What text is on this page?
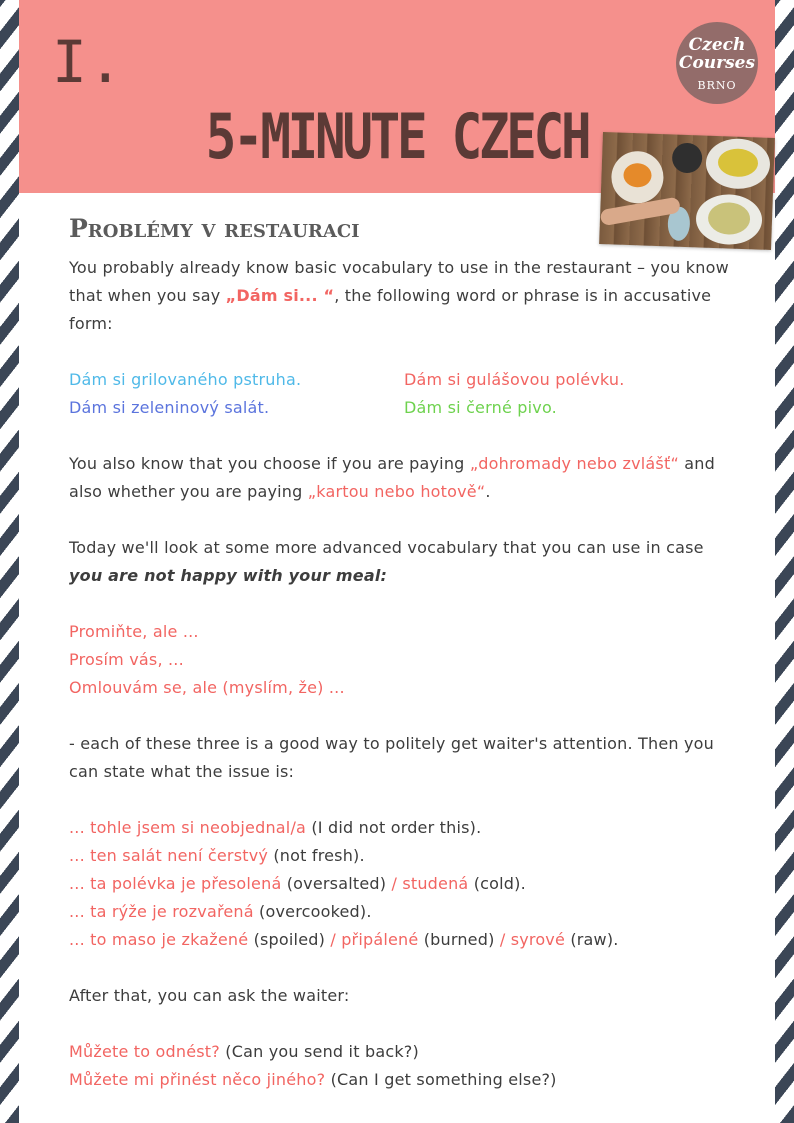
I.
5-MINUTE CZECH
Czech
Courses
BRNO
Problémy v restauraci

You probably already know basic vocabulary to use in the restaurant – you know that when you say „Dám si... “, the following word or phrase is in accusative form:

Dám si grilovaného pstruha.

Dám si zeleninový salát.

Dám si gulášovou polévku.

Dám si černé pivo.

You also know that you choose if you are paying „dohromady nebo zvlášť“ and also whether you are paying „kartou nebo hotově“.

Today we'll look at some more advanced vocabulary that you can use in case you are not happy with your meal:

Promiňte, ale ...

Prosím vás, ...

Omlouvám se, ale (myslím, že) ...

- each of these three is a good way to politely get waiter's attention. Then you can state what the issue is:

... tohle jsem si neobjednal/a (I did not order this).

... ten salát není čerstvý (not fresh).

... ta polévka je přesolená (oversalted) / studená (cold).

... ta rýže je rozvařená (overcooked).

... to maso je zkažené (spoiled) / připálené (burned) / syrové (raw).

After that, you can ask the waiter:

Můžete to odnést? (Can you send it back?)

Můžete mi přinést něco jiného? (Can I get something else?)
